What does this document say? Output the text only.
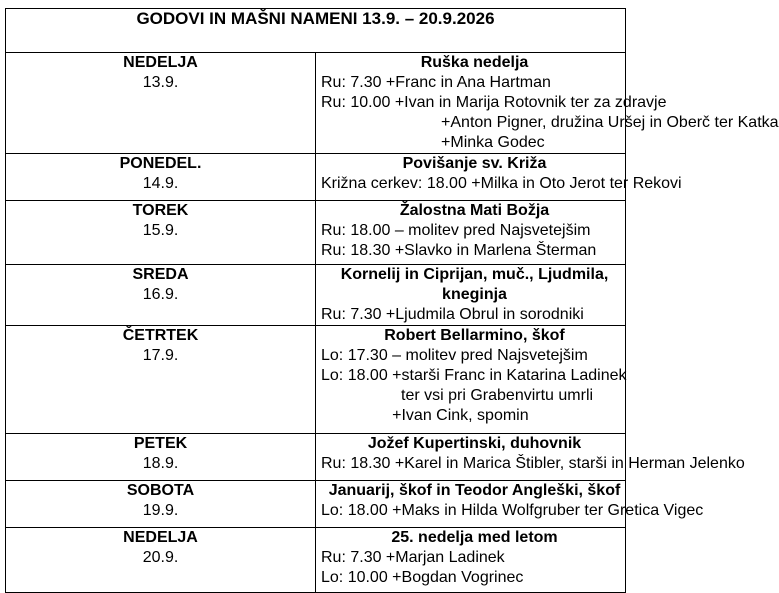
GODOVI IN MAŠNI NAMENI 13.9. – 20.9.2026	

NEDELJA
13.9.	Ruška nedelja
Ru: 7.30 +Franc in Ana Hartman
Ru: 10.00 +Ivan in Marija Rotovnik ter za zdravje
+Anton Pigner, družina Uršej in Oberč ter Katka
+Minka Godec

PONEDEL.
14.9.	Povišanje sv. Križa
Križna cerkev: 18.00 +Milka in Oto Jerot ter Rekovi

TOREK
15.9.	Žalostna Mati Božja
Ru: 18.00 – molitev pred Najsvetejšim
Ru: 18.30 +Slavko in Marlena Šterman

SREDA
16.9.	Kornelij in Ciprijan, muč., Ljudmila, kneginja
Ru: 7.30 +Ljudmila Obrul in sorodniki

ČETRTEK
17.9.	Robert Bellarmino, škof
Lo: 17.30 – molitev pred Najsvetejšim
Lo: 18.00 +starši Franc in Katarina Ladinek
ter vsi pri Grabenvirtu umrli
+Ivan Cink, spomin

PETEK
18.9.	Jožef Kupertinski, duhovnik
Ru: 18.30 +Karel in Marica Štibler, starši in Herman Jelenko

SOBOTA
19.9.	Januarij, škof in Teodor Angleški, škof
Lo: 18.00 +Maks in Hilda Wolfgruber ter Gretica Vigec

NEDELJA
20.9.	25. nedelja med letom
Ru: 7.30 +Marjan Ladinek
Lo: 10.00 +Bogdan Vogrinec
